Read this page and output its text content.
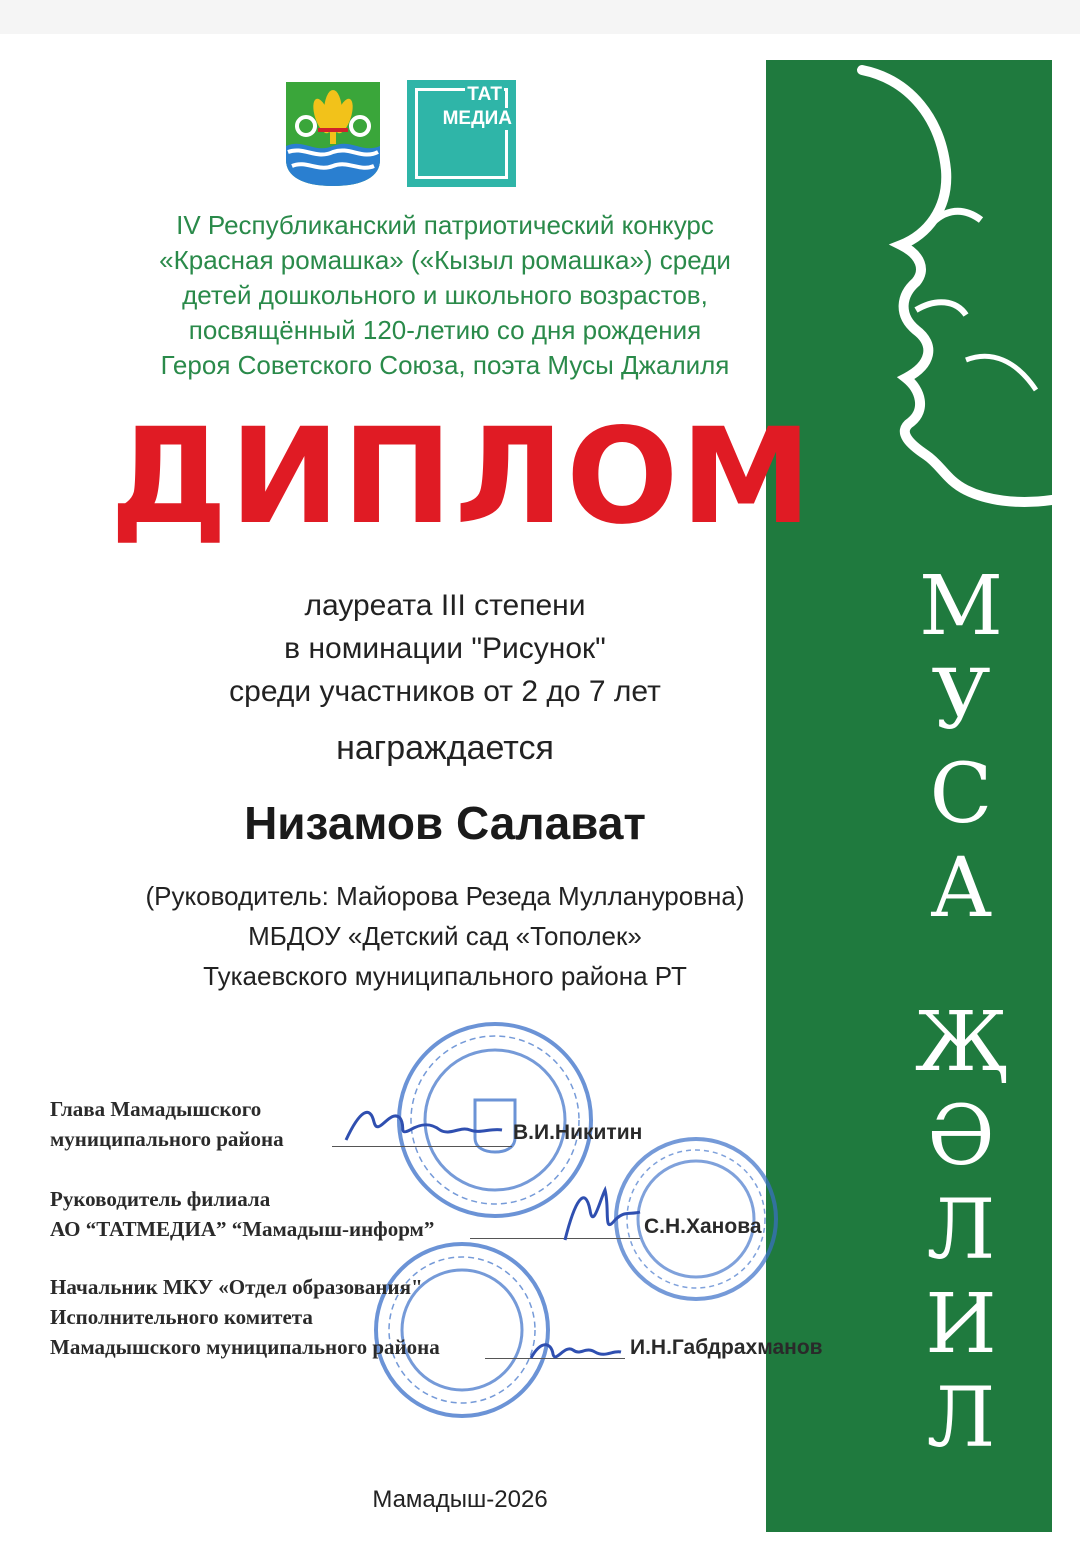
М
У
С
А
Җ
Ә
Л
И
Л
ТАТ
МЕДИА
IV Республиканский патриотический конкурс
«Красная ромашка» («Кызыл ромашка») среди
детей дошкольного и школьного возрастов,
посвящённый 120-летию со дня рождения
Героя Советского Союза, поэта Мусы Джалиля
ДИПЛОМ
лауреата III степени
в номинации "Рисунок"
среди участников от 2 до 7 лет
награждается
Низамов Салават
(Руководитель: Майорова Резеда Муллануровна)
МБДОУ «Детский сад «Тополек»
Тукаевского муниципального района РТ
Глава Мамадышского
муниципального района	В.И.Никитин
Руководитель филиала
АО “ТАТМЕДИА” “Мамадыш-информ”	С.Н.Ханова
Начальник МКУ «Отдел образования"
Исполнительного комитета
Мамадышского муниципального района	И.Н.Габдрахманов
Мамадыш-2026
